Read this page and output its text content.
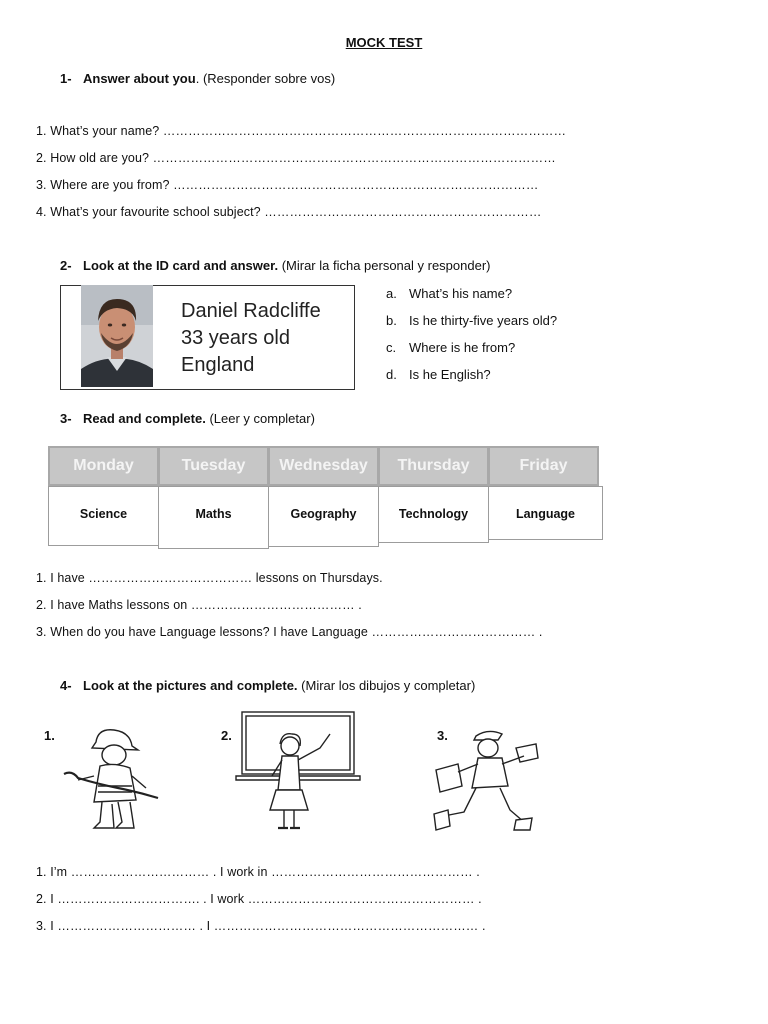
MOCK TEST
1- Answer about you. (Responder sobre vos)
1. What’s your name? ……………………………………………………………………………………
2. How old are you? ……………………………………………………………………………………
3. Where are you from? ……………………………………………………………………………
4. What’s your favourite school subject? …………………………………………………………
2- Look at the ID card and answer. (Mirar la ficha personal y responder)
Daniel Radcliffe
33 years old
England
a. What’s his name?
b. Is he thirty-five years old?
c. Where is he from?
d. Is he English?
3- Read and complete. (Leer y completar)
Monday	Tuesday	Wednesday	Thursday	Friday
Science	Maths	Geography	Technology	Language
1. I have ………………………………… lessons on Thursdays.
2. I have Maths lessons on ………………………………… .
3. When do you have Language lessons? I have Language ………………………………… .
4- Look at the pictures and complete. (Mirar los dibujos y completar)
1.	2.	3.
1. I’m …………………………… . I work in ………………………………………… .
2. I ……………………………. . I work ……………………………………………… .
3. I …………………………… . I ……………………………………………………… .
